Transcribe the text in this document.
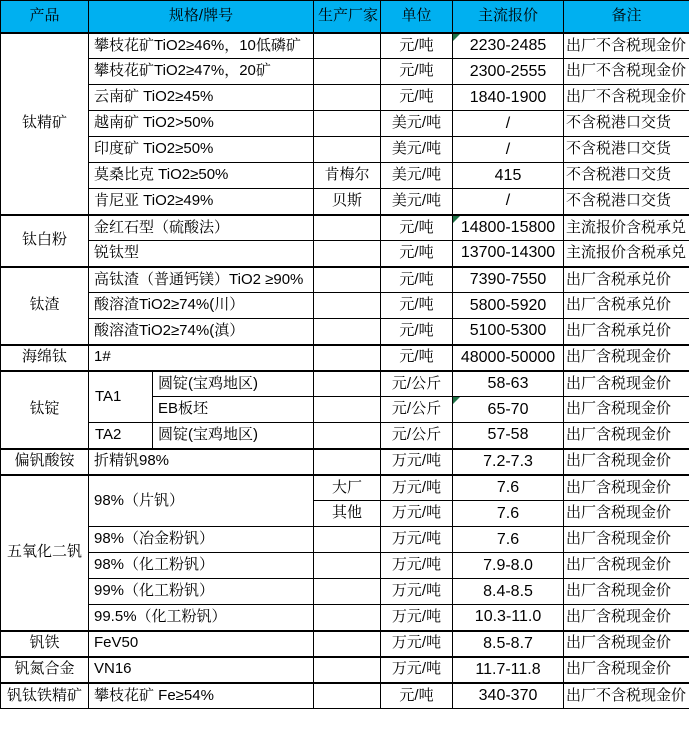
产品	规格/牌号		生产厂家	单位	主流报价	备注
钛精矿	攀枝花矿TiO2≥46%，10低磷矿			元/吨	2230-2485	出厂不含税现金价
	攀枝花矿TiO2≥47%，20矿			元/吨	2300-2555	出厂不含税现金价
	云南矿 TiO2≥45%			元/吨	1840-1900	出厂不含税现金价
	越南矿 TiO2>50%			美元/吨	/	不含税港口交货
	印度矿 TiO2≥50%			美元/吨	/	不含税港口交货
	莫桑比克 TiO2≥50%		肯梅尔	美元/吨	415	不含税港口交货
	肯尼亚 TiO2≥49%		贝斯	美元/吨	/	不含税港口交货
钛白粉	金红石型（硫酸法）			元/吨	14800-15800	主流报价含税承兑
	锐钛型			元/吨	13700-14300	主流报价含税承兑
钛渣	高钛渣（普通钙镁）TiO2 ≥90%			元/吨	7390-7550	出厂含税承兑价
	酸溶渣TiO2≥74%(川）			元/吨	5800-5920	出厂含税承兑价
	酸溶渣TiO2≥74%(滇）			元/吨	5100-5300	出厂含税承兑价
海绵钛	1#			元/吨	48000-50000	出厂含税现金价
钛锭	TA1	圆锭(宝鸡地区)		元/公斤	58-63	出厂含税现金价
		EB板坯		元/公斤	65-70	出厂含税现金价
	TA2	圆锭(宝鸡地区)		元/公斤	57-58	出厂含税现金价
偏钒酸铵	折精钒98%			万元/吨	7.2-7.3	出厂含税现金价
五氧化二钒	98%（片钒）		大厂	万元/吨	7.6	出厂含税现金价
			其他	万元/吨	7.6	出厂含税现金价
	98%（冶金粉钒）			万元/吨	7.6	出厂含税现金价
	98%（化工粉钒）			万元/吨	7.9-8.0	出厂含税现金价
	99%（化工粉钒）			万元/吨	8.4-8.5	出厂含税现金价
	99.5%（化工粉钒）			万元/吨	10.3-11.0	出厂含税现金价
钒铁	FeV50			万元/吨	8.5-8.7	出厂含税现金价
钒氮合金	VN16			万元/吨	11.7-11.8	出厂含税现金价
钒钛铁精矿	攀枝花矿 Fe≥54%			元/吨	340-370	出厂不含税现金价
